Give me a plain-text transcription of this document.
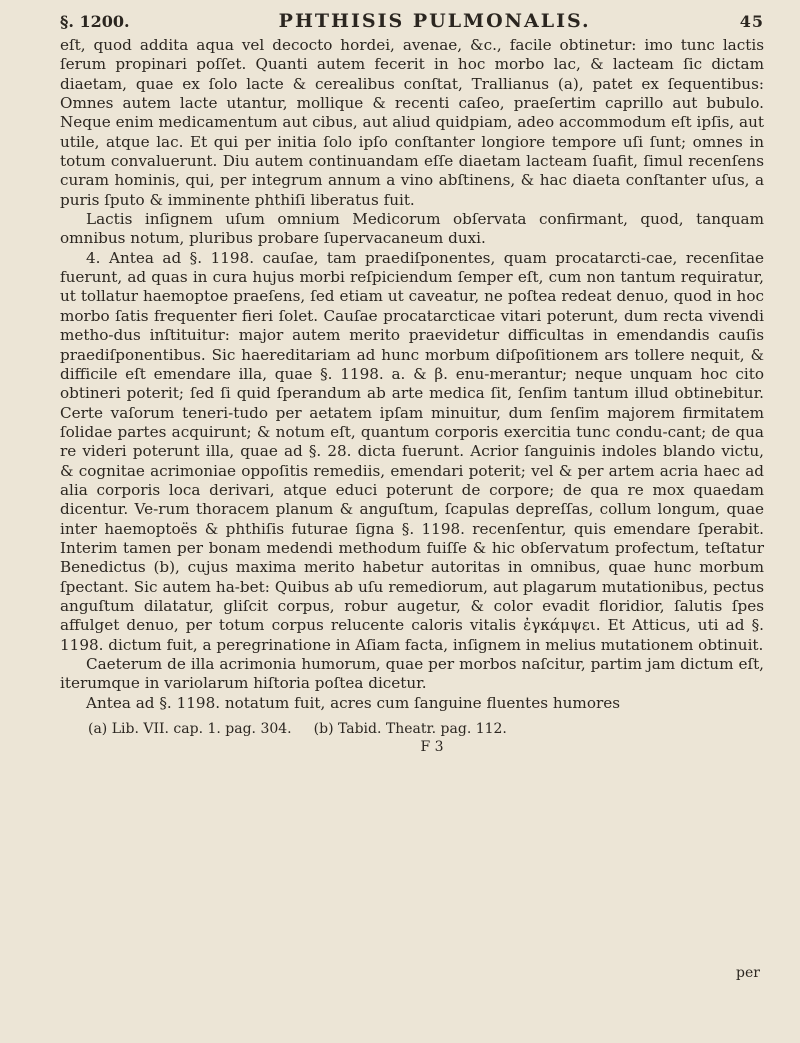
§. 1200.	PHTHISIS PULMONALIS.	45

eſt, quod addita aqua vel decocto hordei, avenae, &c., facile obtinetur: imo tunc lactis ſerum propinari poſſet. Quanti autem fecerit in hoc morbo lac, & lacteam ſic dictam diaetam, quae ex ſolo lacte & cerealibus conſtat, Trallianus (a), patet ex ſequentibus: Omnes autem lacte utantur, mollique & recenti caſeo, praeſertim caprillo aut bubulo. Neque enim medicamentum aut cibus, aut aliud quidpiam, adeo accommodum eſt ipſis, aut utile, atque lac. Et qui per initia ſolo ipſo conſtanter longiore tempore uſi ſunt; omnes in totum convaluerunt. Diu autem continuandam eſſe diaetam lacteam ſuafit, ſimul recenſens curam hominis, qui, per integrum annum a vino abſtinens, & hac diaeta conſtanter uſus, a puris ſputo & imminente phthiſi liberatus fuit.

Lactis inſignem uſum omnium Medicorum obſervata confirmant, quod, tanquam omnibus notum, pluribus probare ſupervacaneum duxi.

4. Antea ad §. 1198. cauſae, tam praediſponentes, quam procatarcti-cae, recenſitae fuerunt, ad quas in cura hujus morbi reſpiciendum ſemper eſt, cum non tantum requiratur, ut tollatur haemoptoe praeſens, ſed etiam ut caveatur, ne poſtea redeat denuo, quod in hoc morbo ſatis frequenter fieri ſolet. Cauſae procatarcticae vitari poterunt, dum recta vivendi metho-dus inſtituitur: major autem merito praevidetur difficultas in emendandis cauſis praediſponentibus. Sic haereditariam ad hunc morbum diſpoſitionem ars tollere nequit, & difficile eſt emendare illa, quae §. 1198. a. & β. enu-merantur; neque unquam hoc cito obtineri poterit; ſed ſi quid ſperandum ab arte medica ſit, ſenſim tantum illud obtinebitur. Certe vaſorum teneri-tudo per aetatem ipſam minuitur, dum ſenſim majorem firmitatem ſolidae partes acquirunt; & notum eſt, quantum corporis exercitia tunc condu-cant; de qua re videri poterunt illa, quae ad §. 28. dicta fuerunt. Acrior ſanguinis indoles blando victu, & cognitae acrimoniae oppoſitis remediis, emendari poterit; vel & per artem acria haec ad alia corporis loca derivari, atque educi poterunt de corpore; de qua re mox quaedam dicentur. Ve-rum thoracem planum & anguſtum, ſcapulas depreſſas, collum longum, quae inter haemoptoës & phthiſis futurae ſigna §. 1198. recenſentur, quis emendare ſperabit. Interim tamen per bonam medendi methodum fuiſſe & hic obſervatum profectum, teſtatur Benedictus (b), cujus maxima merito habetur autoritas in omnibus, quae hunc morbum ſpectant. Sic autem ha-bet: Quibus ab uſu remediorum, aut plagarum mutationibus, pectus anguſtum dilatatur, gliſcit corpus, robur augetur, & color evadit floridior, ſalutis ſpes affulget denuo, per totum corpus relucente caloris vitalis ἐγκάμψει. Et Atticus, uti ad §. 1198. dictum fuit, a peregrinatione in Aſiam facta, inſignem in melius mutationem obtinuit.

Caeterum de illa acrimonia humorum, quae per morbos naſcitur, partim jam dictum eſt, iterumque in variolarum hiſtoria poſtea dicetur.

Antea ad §. 1198. notatum fuit, acres cum ſanguine fluentes humores

per
(a) Lib. VII. cap. 1. pag. 304. (b) Tabid. Theatr. pag. 112.
F 3
